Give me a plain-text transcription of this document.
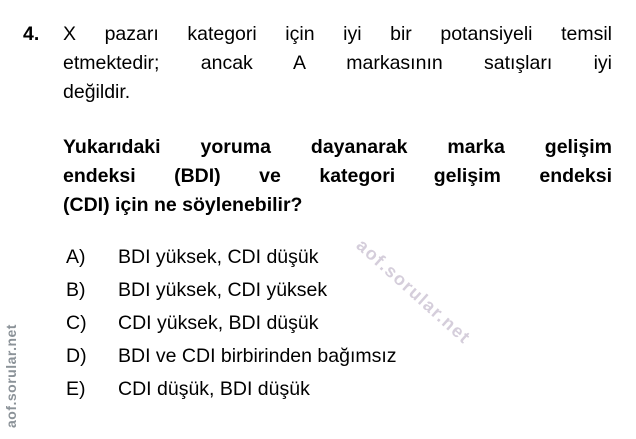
aof.sorular.net
aof.sorular.net
4. X pazarı kategori için iyi bir potansiyeli temsil
etmektedir; ancak A markasının satışları iyi
değildir.
Yukarıdaki yoruma dayanarak marka gelişim
endeksi (BDI) ve kategori gelişim endeksi
(CDI) için ne söylenebilir?
A)	BDI yüksek, CDI düşük
B)	BDI yüksek, CDI yüksek
C)	CDI yüksek, BDI düşük
D)	BDI ve CDI birbirinden bağımsız
E)	CDI düşük, BDI düşük
